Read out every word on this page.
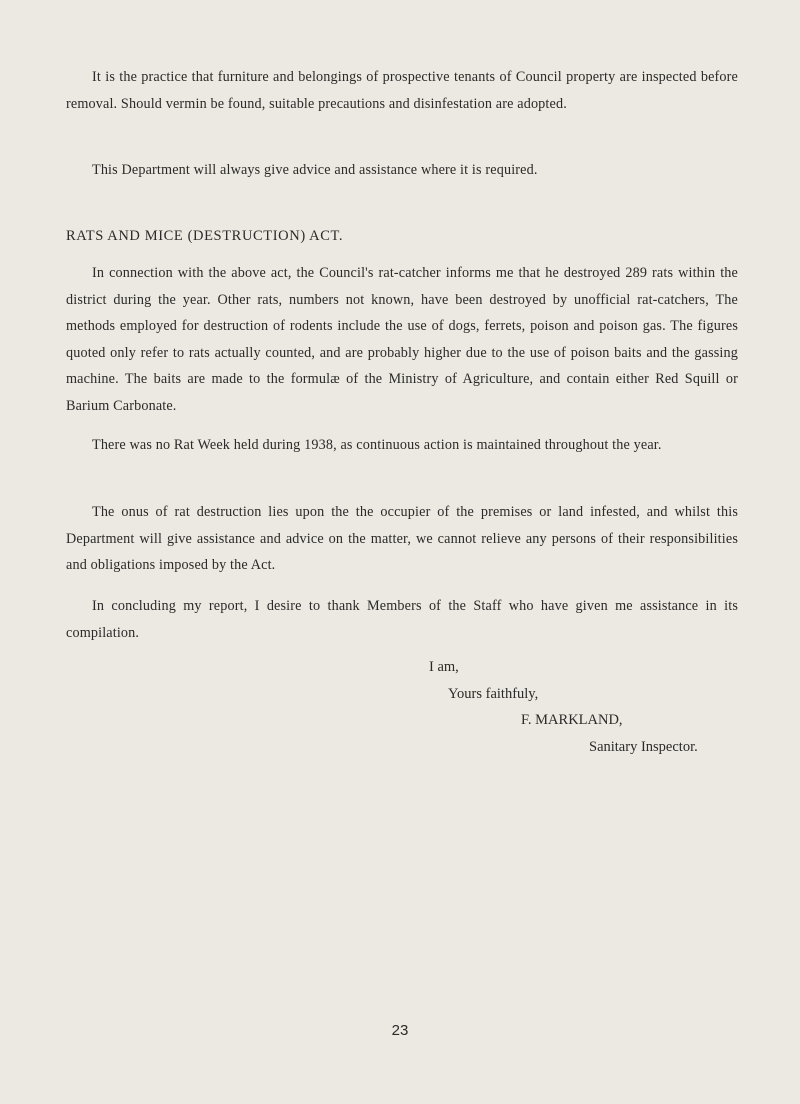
It is the practice that furniture and belongings of prospective tenants of Council property are inspected before removal. Should vermin be found, suitable precautions and disinfestation are adopted.

This Department will always give advice and assistance where it is required.

RATS AND MICE (DESTRUCTION) ACT.

In connection with the above act, the Council's rat-catcher informs me that he destroyed 289 rats within the district during the year. Other rats, numbers not known, have been destroyed by unofficial rat-catchers, The methods employed for destruction of rodents include the use of dogs, ferrets, poison and poison gas. The figures quoted only refer to rats actually counted, and are probably higher due to the use of poison baits and the gassing machine. The baits are made to the formulæ of the Ministry of Agriculture, and contain either Red Squill or Barium Carbonate.

There was no Rat Week held during 1938, as continuous action is maintained throughout the year.

The onus of rat destruction lies upon the the occupier of the premises or land infested, and whilst this Department will give assistance and advice on the matter, we cannot relieve any persons of their responsibilities and obligations imposed by the Act.

In concluding my report, I desire to thank Members of the Staff who have given me assistance in its compilation.

I am,

Yours faithfuly,

F. MARKLAND,

Sanitary Inspector.

23
